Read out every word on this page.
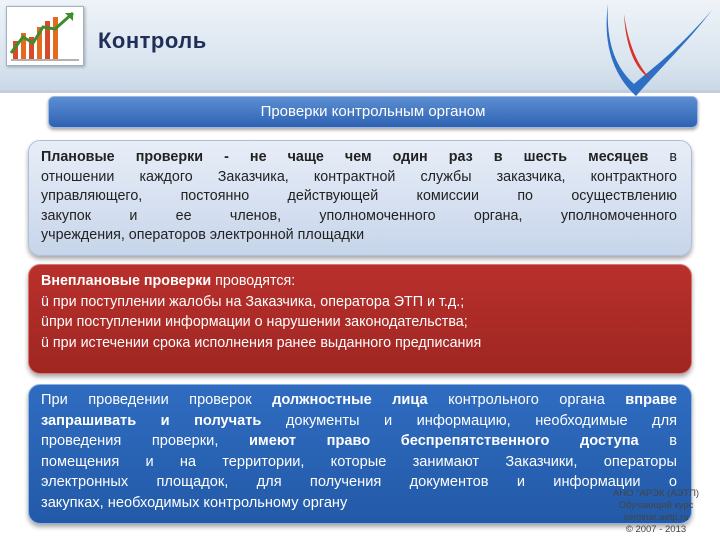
Контроль
Проверки контрольным органом
Плановые проверки - не чаще чем один раз в шесть месяцев в
отношении каждого Заказчика, контрактной службы заказчика, контрактного
управляющего, постоянно действующей комиссии по осуществлению
закупок и ее членов, уполномоченного органа, уполномоченного
учреждения, операторов электронной площадки
Внеплановые проверки проводятся:
ü при поступлении жалобы на Заказчика, оператора ЭТП и т.д.;
üпри поступлении информации о нарушении законодательства;
ü при истечении срока исполнения ранее выданного предписания
При проведении проверок должностные лица контрольного органа вправе
запрашивать и получать документы и информацию, необходимые для
проведения проверки, имеют право беспрепятственного доступа в
помещения и на территории, которые занимают Заказчики, операторы
электронных площадок, для получения документов и информации о
закупках, необходимых контрольному органу
АНО "АРЭК (АЭТП)
Обучающий курс
seminar.aetp.ru
© 2007 - 2013
